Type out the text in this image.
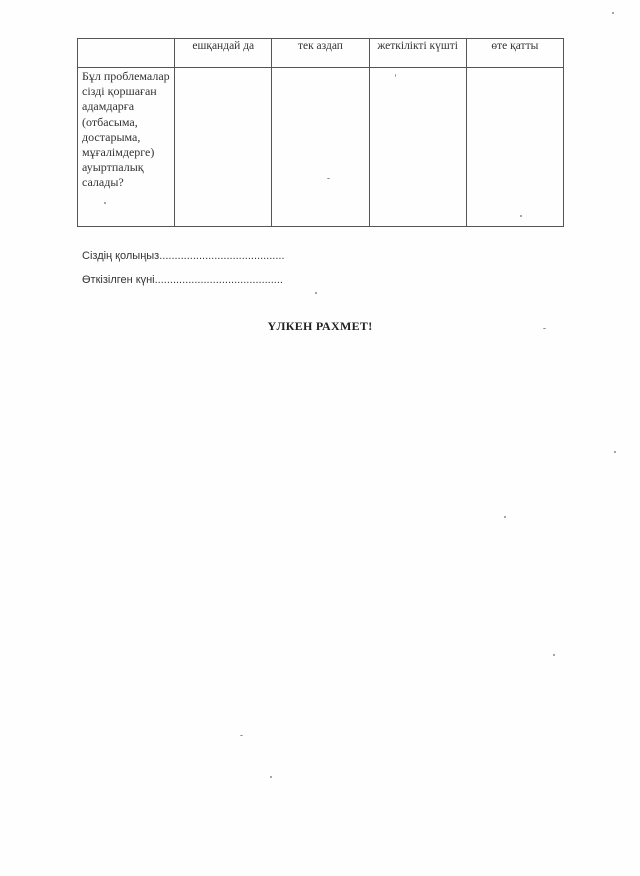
	ешқандай да	тек аздап	жеткілікті күшті	өте қатты
Бұл проблемалар сізді қоршаған адамдарға (отбасыма, достарыма, мұғалімдерге) ауыртпалық салады?				
Сіздің қолыңыз.........................................
Өткізілген күні..........................................
ҮЛКЕН РАХМЕТ!
